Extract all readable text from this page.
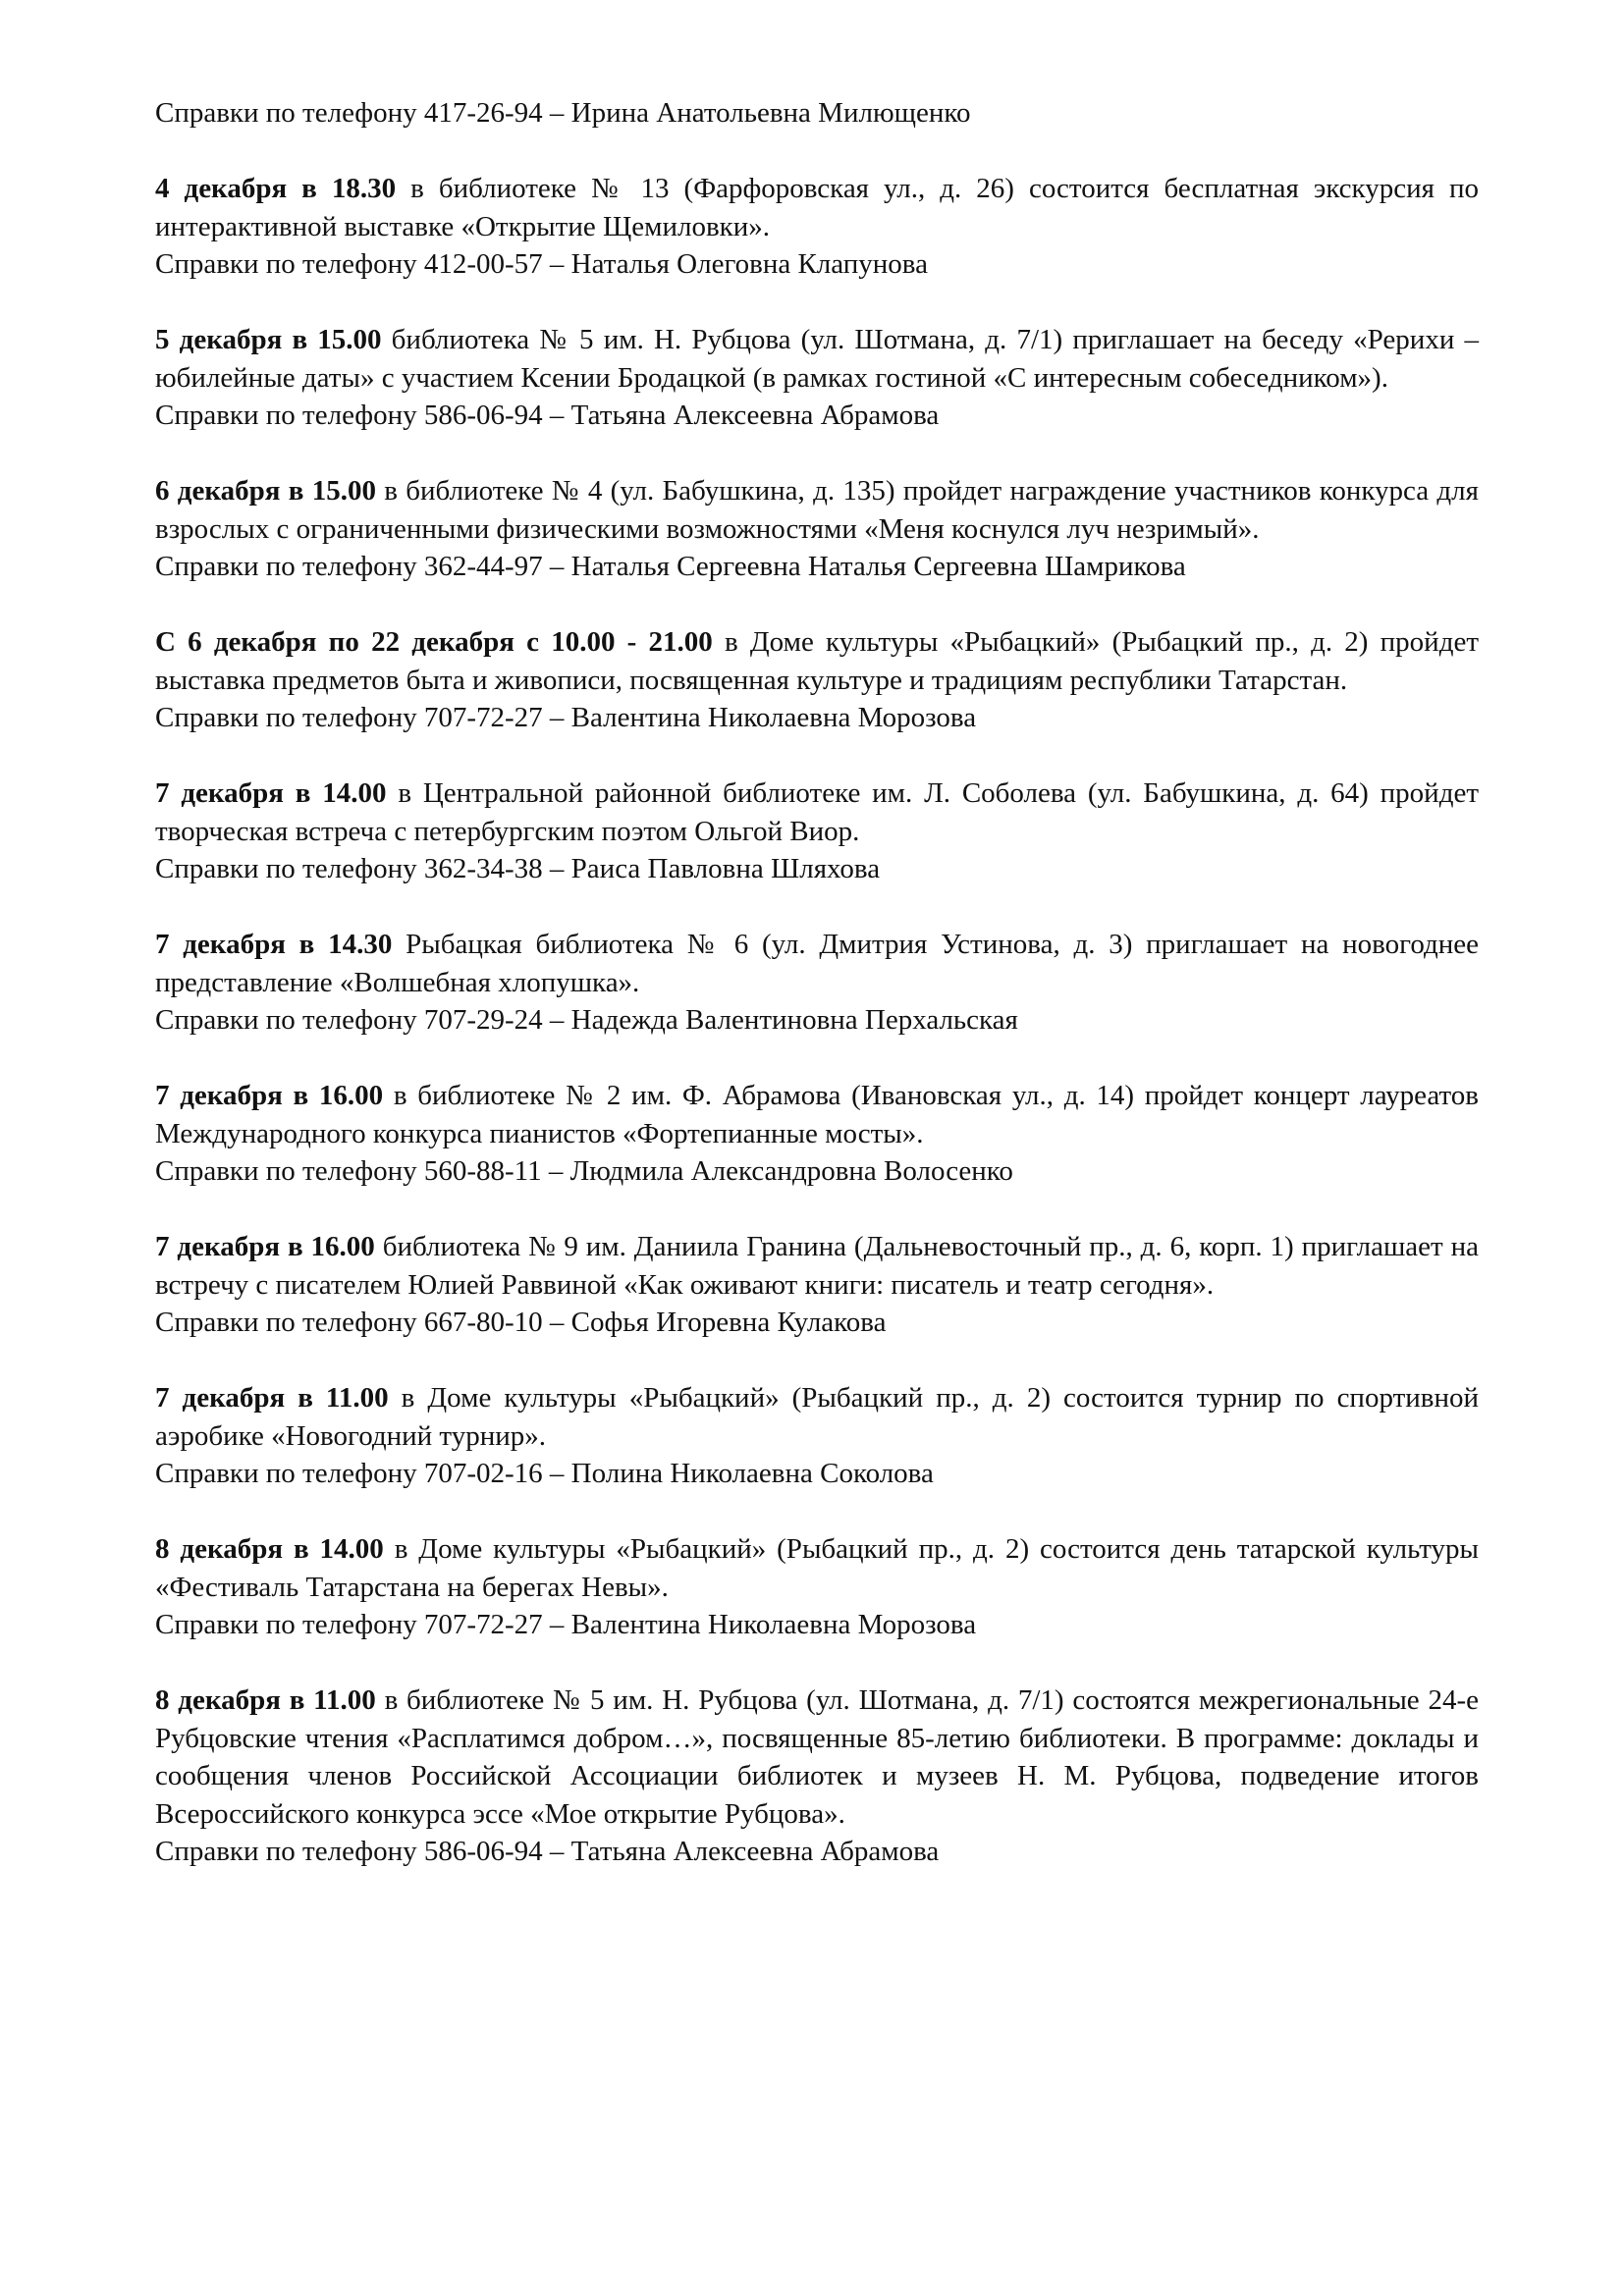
Справки по телефону 417-26-94 – Ирина Анатольевна Милющенко

4 декабря в 18.30 в библиотеке № 13 (Фарфоровская ул., д. 26) состоится бесплатная экскурсия по интерактивной выставке «Открытие Щемиловки».

Справки по телефону 412-00-57 – Наталья Олеговна Клапунова

5 декабря в 15.00 библиотека № 5 им. Н. Рубцова (ул. Шотмана, д. 7/1) приглашает на беседу «Рерихи – юбилейные даты» с участием Ксении Бродацкой (в рамках гостиной «С интересным собеседником»).

Справки по телефону 586-06-94 – Татьяна Алексеевна Абрамова

6 декабря в 15.00 в библиотеке № 4 (ул. Бабушкина, д. 135) пройдет награждение участников конкурса для взрослых с ограниченными физическими возможностями «Меня коснулся луч незримый».

Справки по телефону 362-44-97 – Наталья Сергеевна Наталья Сергеевна Шамрикова

С 6 декабря по 22 декабря с 10.00 - 21.00 в Доме культуры «Рыбацкий» (Рыбацкий пр., д. 2) пройдет выставка предметов быта и живописи, посвященная культуре и традициям республики Татарстан.

Справки по телефону 707-72-27 – Валентина Николаевна Морозова

7 декабря в 14.00 в Центральной районной библиотеке им. Л. Соболева (ул. Бабушкина, д. 64) пройдет творческая встреча с петербургским поэтом Ольгой Виор.

Справки по телефону 362-34-38 – Раиса Павловна Шляхова

7 декабря в 14.30 Рыбацкая библиотека № 6 (ул. Дмитрия Устинова, д. 3) приглашает на новогоднее представление «Волшебная хлопушка».

Справки по телефону 707-29-24 – Надежда Валентиновна Перхальская

7 декабря в 16.00 в библиотеке № 2 им. Ф. Абрамова (Ивановская ул., д. 14) пройдет концерт лауреатов Международного конкурса пианистов «Фортепианные мосты».

Справки по телефону 560-88-11 – Людмила Александровна Волосенко

7 декабря в 16.00 библиотека № 9 им. Даниила Гранина (Дальневосточный пр., д. 6, корп. 1) приглашает на встречу с писателем Юлией Раввиной «Как оживают книги: писатель и театр сегодня».

Справки по телефону 667-80-10 – Софья Игоревна Кулакова

7 декабря в 11.00 в Доме культуры «Рыбацкий» (Рыбацкий пр., д. 2) состоится турнир по спортивной аэробике «Новогодний турнир».

Справки по телефону 707-02-16 – Полина Николаевна Соколова

8 декабря в 14.00 в Доме культуры «Рыбацкий» (Рыбацкий пр., д. 2) состоится день татарской культуры «Фестиваль Татарстана на берегах Невы».

Справки по телефону 707-72-27 – Валентина Николаевна Морозова

8 декабря в 11.00 в библиотеке № 5 им. Н. Рубцова (ул. Шотмана, д. 7/1) состоятся межрегиональные 24-е Рубцовские чтения «Расплатимся добром…», посвященные 85-летию библиотеки. В программе: доклады и сообщения членов Российской Ассоциации библиотек и музеев Н. М. Рубцова, подведение итогов Всероссийского конкурса эссе «Мое открытие Рубцова».

Справки по телефону 586-06-94 – Татьяна Алексеевна Абрамова
